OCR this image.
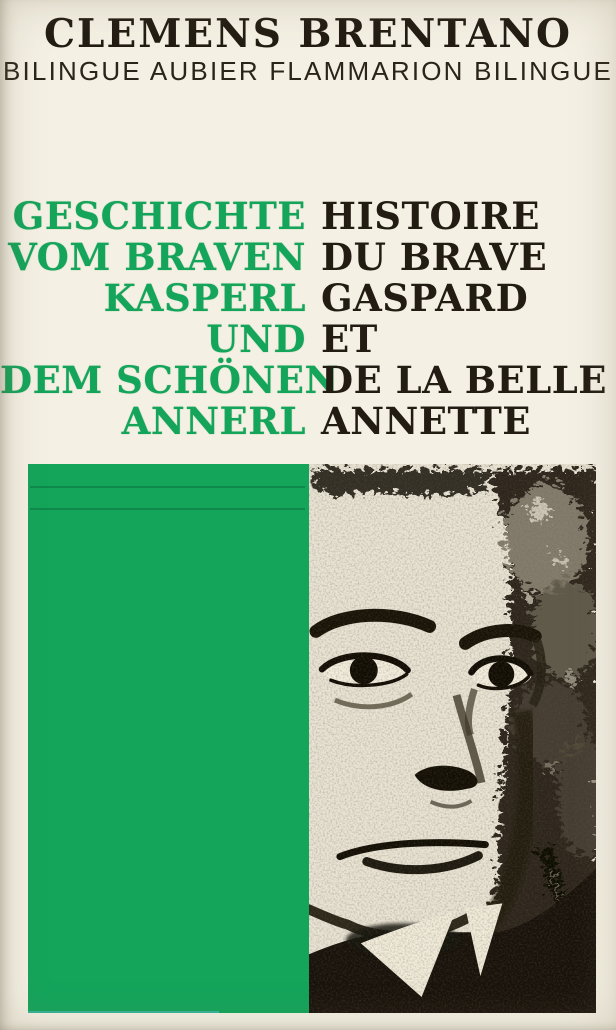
CLEMENS BRENTANO
BILINGUE AUBIER FLAMMARION BILINGUE
GESCHICHTE
VOM BRAVEN
KASPERL
UND
DEM SCHÖNEN
ANNERL
HISTOIRE
DU BRAVE
GASPARD
ET
DE LA BELLE
ANNETTE
